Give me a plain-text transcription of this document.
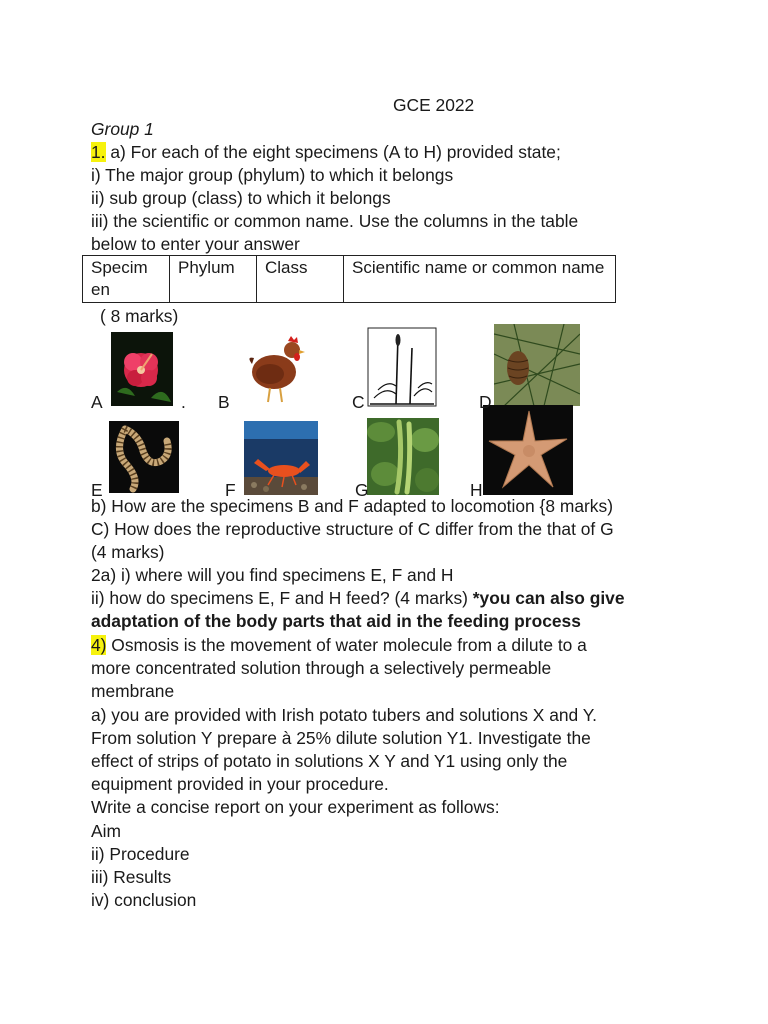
GCE 2022
Group 1
1. a) For each of the eight specimens (A to H) provided state;
i) The major group (phylum) to which it belongs
ii) sub group (class) to which it belongs
iii) the scientific or common name. Use the columns in the table
below to enter your answer
Specim en	Phylum	Class	Scientific name or common name
( 8 marks)
A	. B	C	D
E	F	G	H
b) How are the specimens B and F adapted to locomotion {8 marks)
C) How does the reproductive structure of C differ from the that of G
(4 marks)
2a) i) where will you find specimens E, F and H
ii) how do specimens E, F and H feed? (4 marks) *you can also give
adaptation of the body parts that aid in the feeding process
4) Osmosis is the movement of water molecule from a dilute to a
more concentrated solution through a selectively permeable
membrane
a) you are provided with Irish potato tubers and solutions X and Y.
From solution Y prepare à 25% dilute solution Y1. Investigate the
effect of strips of potato in solutions X Y and Y1 using only the
equipment provided in your procedure.
Write a concise report on your experiment as follows:
Aim
ii) Procedure
iii) Results
iv) conclusion
